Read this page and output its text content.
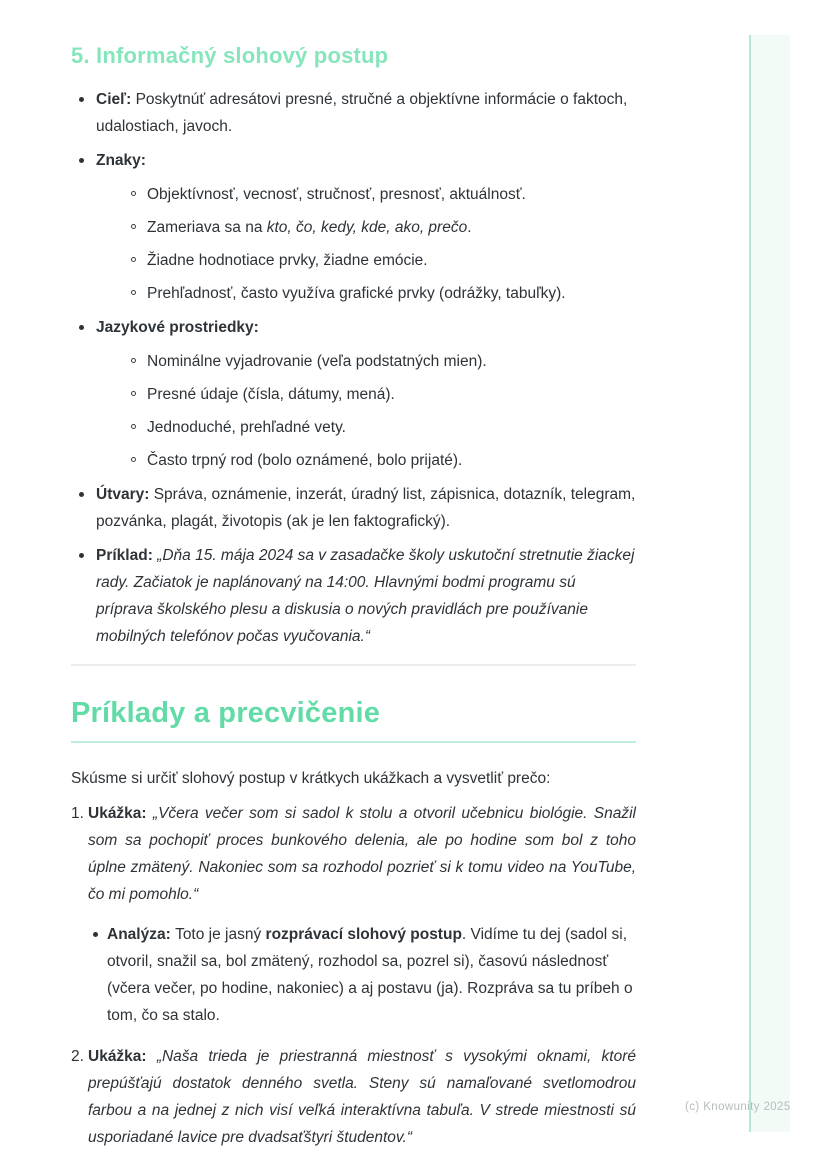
5. Informačný slohový postup
Cieľ: Poskytnúť adresátovi presné, stručné a objektívne informácie o faktoch, udalostiach, javoch.
Znaky:
Objektívnosť, vecnosť, stručnosť, presnosť, aktuálnosť.
Zameriava sa na kto, čo, kedy, kde, ako, prečo.
Žiadne hodnotiace prvky, žiadne emócie.
Prehľadnosť, často využíva grafické prvky (odrážky, tabuľky).
Jazykové prostriedky:
Nominálne vyjadrovanie (veľa podstatných mien).
Presné údaje (čísla, dátumy, mená).
Jednoduché, prehľadné vety.
Často trpný rod (bolo oznámené, bolo prijaté).
Útvary: Správa, oznámenie, inzerát, úradný list, zápisnica, dotazník, telegram, pozvánka, plagát, životopis (ak je len faktografický).
Príklad: „Dňa 15. mája 2024 sa v zasadačke školy uskutoční stretnutie žiackej rady. Začiatok je naplánovaný na 14:00. Hlavnými bodmi programu sú príprava školského plesu a diskusia o nových pravidlách pre používanie mobilných telefónov počas vyučovania.“
Príklady a precvičenie

Skúsme si určiť slohový postup v krátkych ukážkach a vysvetliť prečo:

1. Ukážka: „Včera večer som si sadol k stolu a otvoril učebnicu biológie. Snažil som sa pochopiť proces bunkového delenia, ale po hodine som bol z toho úplne zmätený. Nakoniec som sa rozhodol pozrieť si k tomu video na YouTube, čo mi pomohlo.“
Analýza: Toto je jasný rozprávací slohový postup. Vidíme tu dej (sadol si, otvoril, snažil sa, bol zmätený, rozhodol sa, pozrel si), časovú následnosť (včera večer, po hodine, nakoniec) a aj postavu (ja). Rozpráva sa tu príbeh o tom, čo sa stalo.
2. Ukážka: „Naša trieda je priestranná miestnosť s vysokými oknami, ktoré prepúšťajú dostatok denného svetla. Steny sú namaľované svetlomodrou farbou a na jednej z nich visí veľká interaktívna tabuľa. V strede miestnosti sú usporiadané lavice pre dvadsaťštyri študentov.“
(c) Knowunity 2025
